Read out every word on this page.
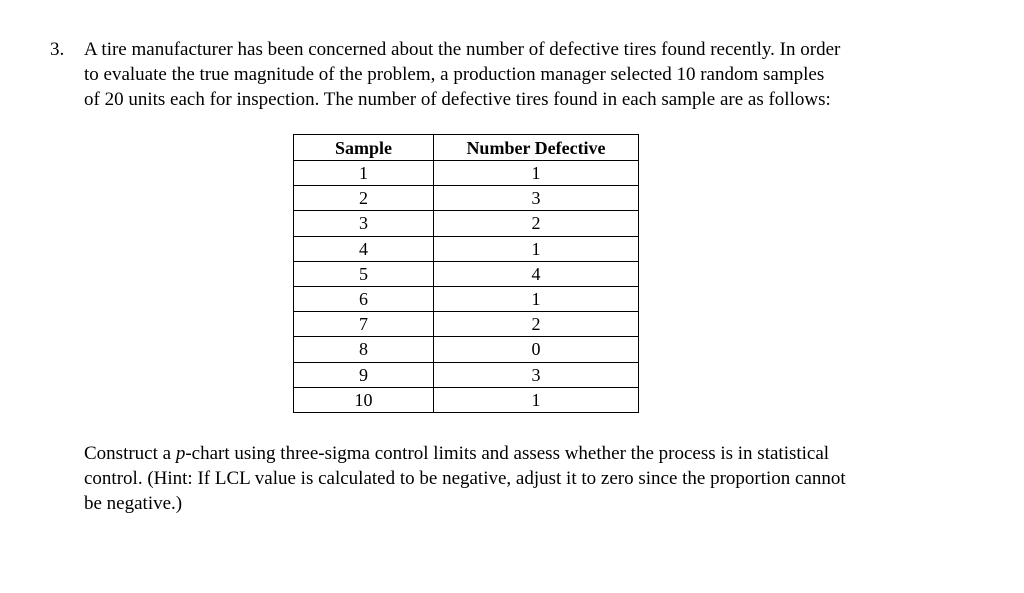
3. A tire manufacturer has been concerned about the number of defective tires found recently. In order
to evaluate the true magnitude of the problem, a production manager selected 10 random samples
of 20 units each for inspection. The number of defective tires found in each sample are as follows:

Sample	Number Defective
1	1
2	3
3	2
4	1
5	4
6	1
7	2
8	0
9	3
10	1

Construct a p-chart using three-sigma control limits and assess whether the process is in statistical
control. (Hint: If LCL value is calculated to be negative, adjust it to zero since the proportion cannot
be negative.)
